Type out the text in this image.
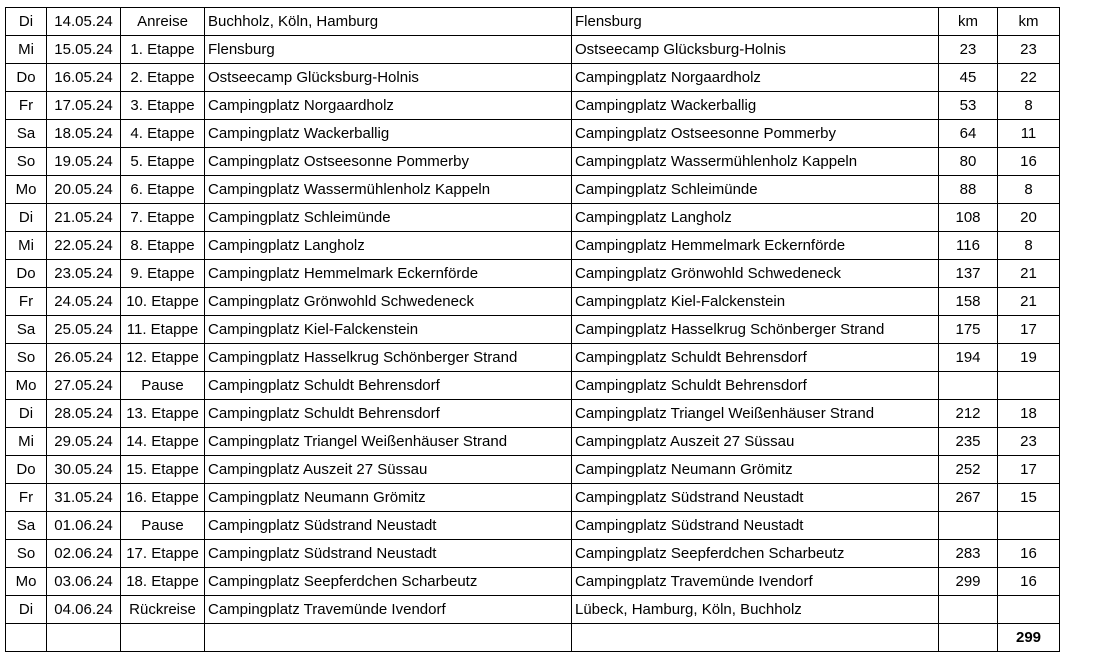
Di	14.05.24	Anreise	Buchholz, Köln, Hamburg	Flensburg	km	km
Mi	15.05.24	1. Etappe	Flensburg	Ostseecamp Glücksburg-Holnis	23	23
Do	16.05.24	2. Etappe	Ostseecamp Glücksburg-Holnis	Campingplatz Norgaardholz	45	22
Fr	17.05.24	3. Etappe	Campingplatz Norgaardholz	Campingplatz Wackerballig	53	8
Sa	18.05.24	4. Etappe	Campingplatz Wackerballig	Campingplatz Ostseesonne Pommerby	64	11
So	19.05.24	5. Etappe	Campingplatz Ostseesonne Pommerby	Campingplatz Wassermühlenholz Kappeln	80	16
Mo	20.05.24	6. Etappe	Campingplatz Wassermühlenholz Kappeln	Campingplatz Schleimünde	88	8
Di	21.05.24	7. Etappe	Campingplatz Schleimünde	Campingplatz Langholz	108	20
Mi	22.05.24	8. Etappe	Campingplatz Langholz	Campingplatz Hemmelmark Eckernförde	116	8
Do	23.05.24	9. Etappe	Campingplatz Hemmelmark Eckernförde	Campingplatz Grönwohld Schwedeneck	137	21
Fr	24.05.24	10. Etappe	Campingplatz Grönwohld Schwedeneck	Campingplatz Kiel-Falckenstein	158	21
Sa	25.05.24	11. Etappe	Campingplatz Kiel-Falckenstein	Campingplatz Hasselkrug Schönberger Strand	175	17
So	26.05.24	12. Etappe	Campingplatz Hasselkrug Schönberger Strand	Campingplatz Schuldt Behrensdorf	194	19
Mo	27.05.24	Pause	Campingplatz Schuldt Behrensdorf	Campingplatz Schuldt Behrensdorf		
Di	28.05.24	13. Etappe	Campingplatz Schuldt Behrensdorf	Campingplatz Triangel Weißenhäuser Strand	212	18
Mi	29.05.24	14. Etappe	Campingplatz Triangel Weißenhäuser Strand	Campingplatz Auszeit 27 Süssau	235	23
Do	30.05.24	15. Etappe	Campingplatz Auszeit 27 Süssau	Campingplatz Neumann Grömitz	252	17
Fr	31.05.24	16. Etappe	Campingplatz Neumann Grömitz	Campingplatz Südstrand Neustadt	267	15
Sa	01.06.24	Pause	Campingplatz Südstrand Neustadt	Campingplatz Südstrand Neustadt		
So	02.06.24	17. Etappe	Campingplatz Südstrand Neustadt	Campingplatz Seepferdchen Scharbeutz	283	16
Mo	03.06.24	18. Etappe	Campingplatz Seepferdchen Scharbeutz	Campingplatz Travemünde Ivendorf	299	16
Di	04.06.24	Rückreise	Campingplatz Travemünde Ivendorf	Lübeck, Hamburg, Köln, Buchholz		
						299
